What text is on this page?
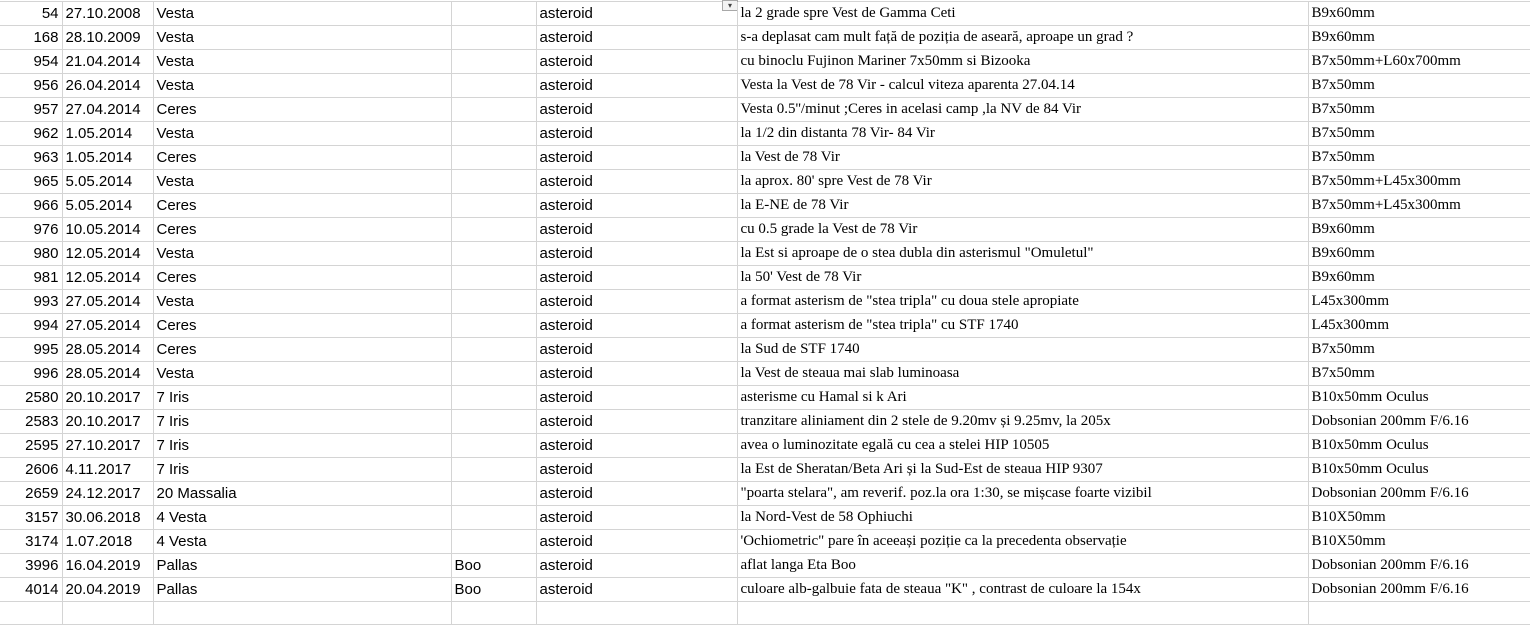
▾
54	27.10.2008	Vesta		asteroid	la 2 grade spre Vest de Gamma Ceti	B9x60mm
168	28.10.2009	Vesta		asteroid	s-a deplasat cam mult față de poziția de aseară, aproape un grad ?	B9x60mm
954	21.04.2014	Vesta		asteroid	cu binoclu Fujinon Mariner 7x50mm si Bizooka	B7x50mm+L60x700mm
956	26.04.2014	Vesta		asteroid	Vesta la Vest de 78 Vir - calcul viteza aparenta 27.04.14	B7x50mm
957	27.04.2014	Ceres		asteroid	Vesta 0.5''/minut ;Ceres in acelasi camp ,la NV de 84 Vir	B7x50mm
962	1.05.2014	Vesta		asteroid	la 1/2 din distanta 78 Vir- 84 Vir	B7x50mm
963	1.05.2014	Ceres		asteroid	la Vest de 78 Vir	B7x50mm
965	5.05.2014	Vesta		asteroid	la aprox. 80' spre Vest de 78 Vir	B7x50mm+L45x300mm
966	5.05.2014	Ceres		asteroid	la E-NE de 78 Vir	B7x50mm+L45x300mm
976	10.05.2014	Ceres		asteroid	cu 0.5 grade la Vest de 78 Vir	B9x60mm
980	12.05.2014	Vesta		asteroid	la Est si aproape de o stea dubla din asterismul "Omuletul"	B9x60mm
981	12.05.2014	Ceres		asteroid	la 50' Vest de 78 Vir	B9x60mm
993	27.05.2014	Vesta		asteroid	a format asterism de "stea tripla" cu doua stele apropiate	L45x300mm
994	27.05.2014	Ceres		asteroid	a format asterism de "stea tripla" cu STF 1740	L45x300mm
995	28.05.2014	Ceres		asteroid	la Sud de STF 1740	B7x50mm
996	28.05.2014	Vesta		asteroid	la Vest de steaua mai slab luminoasa	B7x50mm
2580	20.10.2017	7 Iris		asteroid	asterisme cu Hamal si k Ari	B10x50mm Oculus
2583	20.10.2017	7 Iris		asteroid	tranzitare aliniament din 2 stele de 9.20mv și 9.25mv, la 205x	Dobsonian 200mm F/6.16
2595	27.10.2017	7 Iris		asteroid	avea o luminozitate egală cu cea a stelei HIP 10505	B10x50mm Oculus
2606	4.11.2017	7 Iris		asteroid	la Est de Sheratan/Beta Ari și la Sud-Est de steaua HIP 9307	B10x50mm Oculus
2659	24.12.2017	20 Massalia		asteroid	"poarta stelara", am reverif. poz.la ora 1:30, se mișcase foarte vizibil	Dobsonian 200mm F/6.16
3157	30.06.2018	4 Vesta		asteroid	la Nord-Vest de 58 Ophiuchi	B10X50mm
3174	1.07.2018	4 Vesta		asteroid	'Ochiometric" pare în aceeași poziție ca la precedenta observație	B10X50mm
3996	16.04.2019	Pallas	Boo	asteroid	aflat langa Eta Boo	Dobsonian 200mm F/6.16
4014	20.04.2019	Pallas	Boo	asteroid	culoare alb-galbuie fata de steaua "K" , contrast de culoare la 154x	Dobsonian 200mm F/6.16
